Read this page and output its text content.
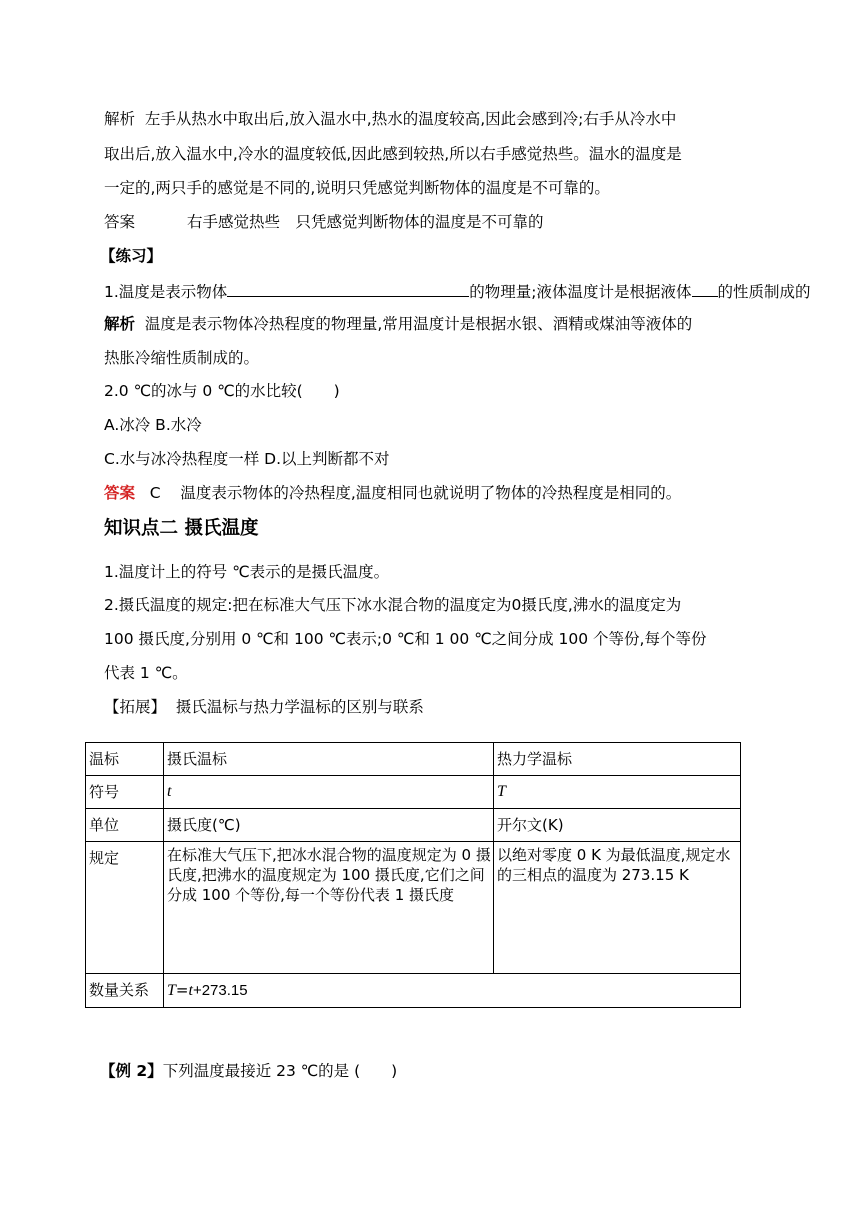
解析 左手从热水中取出后,放入温水中,热水的温度较高,因此会感到冷;右手从冷水中
取出后,放入温水中,冷水的温度较低,因此感到较热,所以右手感觉热些。温水的温度是
一定的,两只手的感觉是不同的,说明只凭感觉判断物体的温度是不可靠的。
答案	右手感觉热些　只凭感觉判断物体的温度是不可靠的
【练习】
1.温度是表示物体	的物理量;液体温度计是根据液体 的性质制成的
解析 温度是表示物体冷热程度的物理量,常用温度计是根据水银、酒精或煤油等液体的
热胀冷缩性质制成的。
2.0 ℃的冰与 0 ℃的水比较(　　)
A.冰冷 B.水冷
C.水与冰冷热程度一样 D.以上判断都不对
答案 C 温度表示物体的冷热程度,温度相同也就说明了物体的冷热程度是相同的。
知识点二 摄氏温度
1.温度计上的符号 ℃表示的是摄氏温度。
2.摄氏温度的规定:把在标准大气压下冰水混合物的温度定为0摄氏度,沸水的温度定为
100 摄氏度,分别用 0 ℃和 100 ℃表示;0 ℃和 1 00 ℃之间分成 100 个等份,每个等份
代表 1 ℃。
【拓展】 摄氏温标与热力学温标的区别与联系
温标	摄氏温标	热力学温标
符号	t	T
单位	摄氏度(℃)	开尔文(K)
规定	在标准大气压下,把冰水混合物的温度规定为 0 摄氏度,把沸水的温度规定为 100 摄氏度,它们之间分成 100 个等份,每一个等份代表 1 摄氏度	以绝对零度 0 K 为最低温度,规定水的三相点的温度为 273.15 K
数量关系	T=t+273.15	
【例 2】下列温度最接近 23 ℃的是 (　　)
